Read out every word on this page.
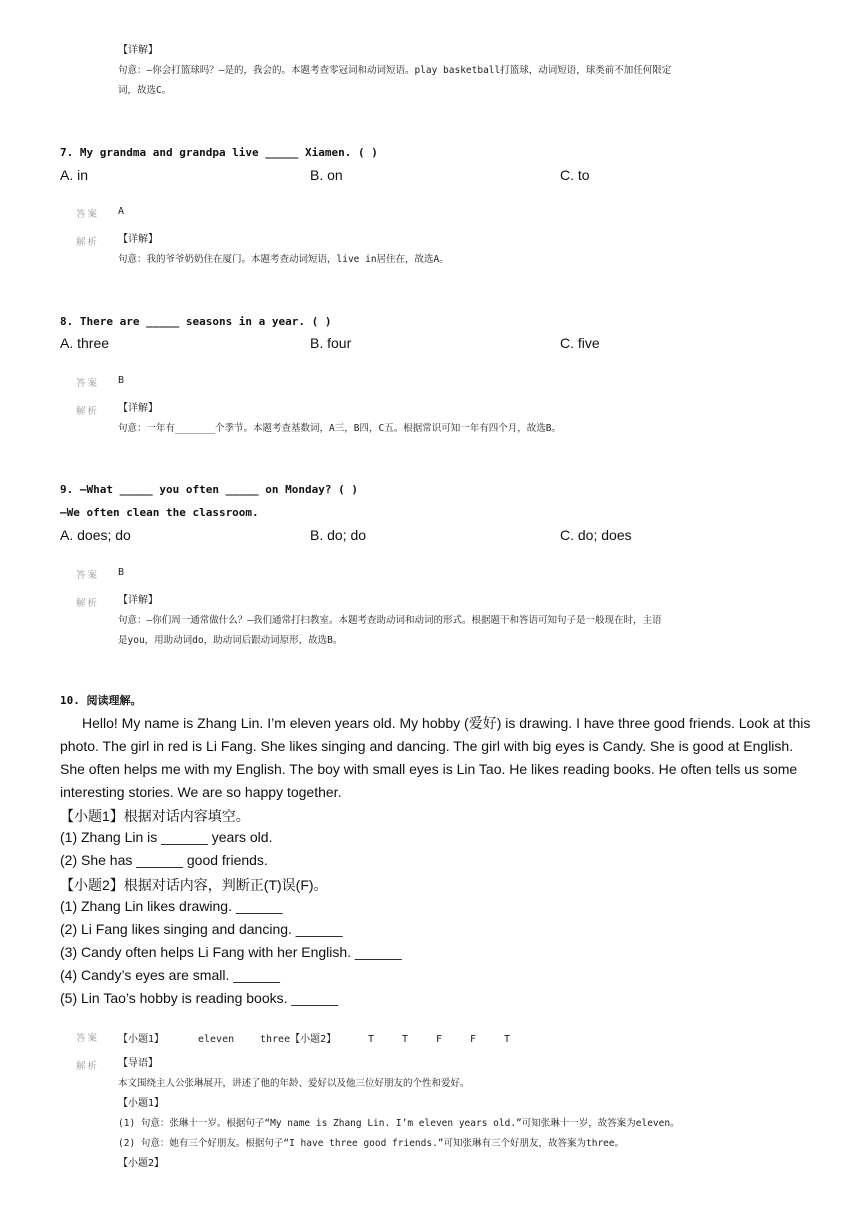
【详解】
句意：—你会打篮球吗？—是的，我会的。本题考查零冠词和动词短语。play basketball打篮球，动词短语，球类前不加任何限定
词，故选C。
7. My grandma and grandpa live _____ Xiamen. ( )
A. in	B. on	C. to
答案 A
解析 【详解】
句意：我的爷爷奶奶住在厦门。本题考查动词短语，live in居住在，故选A。
8. There are _____ seasons in a year. ( )
A. three	B. four	C. five
答案 B
解析 【详解】
句意：一年有_______个季节。本题考查基数词，A三，B四，C五。根据常识可知一年有四个月，故选B。
9. —What _____ you often _____ on Monday? ( )
—We often clean the classroom.
A. does; do	B. do; do	C. do; does
答案 B
解析 【详解】
句意：—你们周一通常做什么？—我们通常打扫教室。本题考查助动词和动词的形式。根据题干和答语可知句子是一般现在时，主语
是you，用助动词do，助动词后跟动词原形，故选B。
10. 阅读理解。
Hello! My name is Zhang Lin. I’m eleven years old. My hobby (爱好) is drawing. I have three good friends. Look at this photo. The girl in red is Li Fang. She likes singing and dancing. The girl with big eyes is Candy. She is good at English. She often helps me with my English. The boy with small eyes is Lin Tao. He likes reading books. He often tells us some interesting stories. We are so happy together.
【小题1】根据对话内容填空。
(1) Zhang Lin is ______ years old.
(2) She has ______ good friends.
【小题2】根据对话内容，判断正(T)误(F)。
(1) Zhang Lin likes drawing. ______
(2) Li Fang likes singing and dancing. ______
(3) Candy often helps Li Fang with her English. ______
(4) Candy’s eyes are small. ______
(5) Lin Tao’s hobby is reading books. ______
答案 【小题1】	eleven	three【小题2】	T	T	F	F	T
解析 【导语】
本文围绕主人公张琳展开，讲述了他的年龄、爱好以及他三位好朋友的个性和爱好。
【小题1】
(1) 句意：张琳十一岁。根据句子“My name is Zhang Lin. I’m eleven years old.”可知张琳十一岁，故答案为eleven。
(2) 句意：她有三个好朋友。根据句子“I have three good friends.”可知张琳有三个好朋友，故答案为three。
【小题2】
